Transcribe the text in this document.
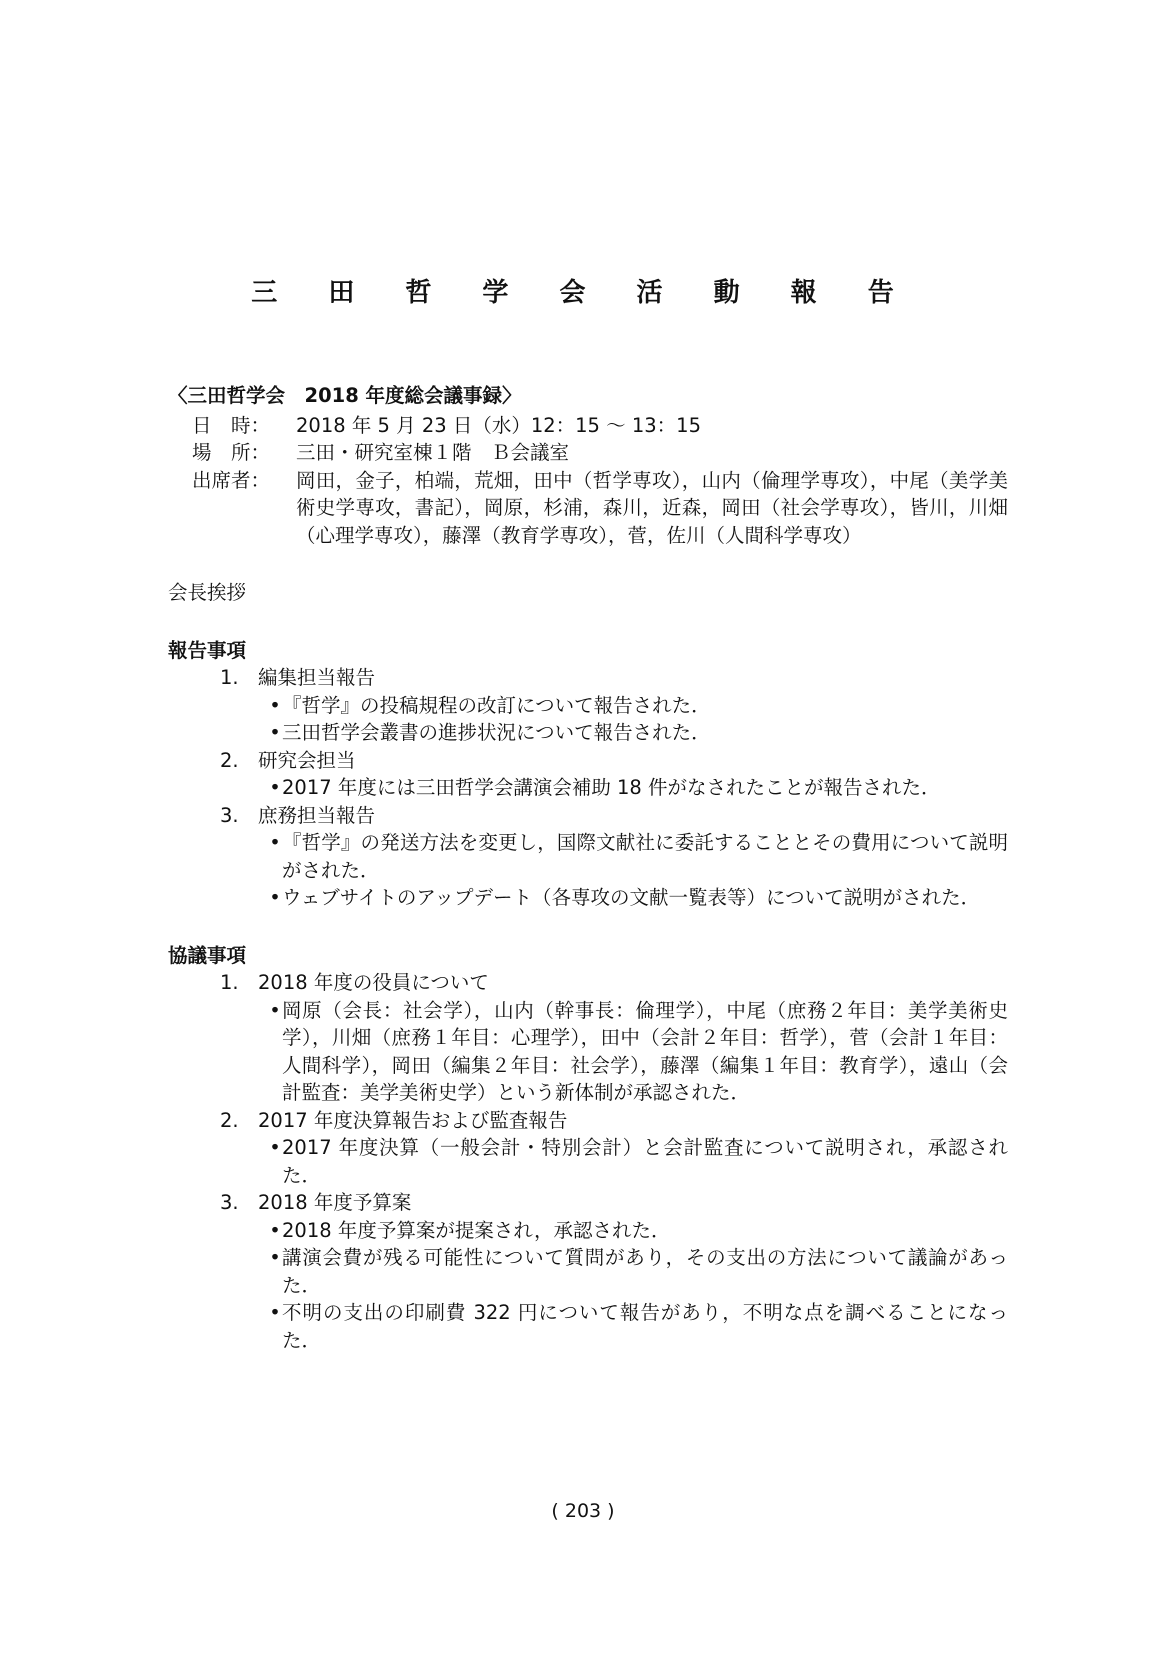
三 田 哲 学 会 活 動 報 告
〈三田哲学会　2018 年度総会議事録〉
日　時：	2018 年 5 月 23 日（水）12：15 ～ 13：15
場　所：	三田・研究室棟１階　Ｂ会議室
出席者：	岡田，金子，柏端，荒畑，田中（哲学専攻），山内（倫理学専攻），中尾（美学美術史学専攻，書記），岡原，杉浦，森川，近森，岡田（社会学専攻），皆川，川畑（心理学専攻），藤澤（教育学専攻），菅，佐川（人間科学専攻）
会長挨拶
報告事項
1. 編集担当報告
• 『哲学』の投稿規程の改訂について報告された．
• 三田哲学会叢書の進捗状況について報告された．
2. 研究会担当
• 2017 年度には三田哲学会講演会補助 18 件がなされたことが報告された．
3. 庶務担当報告
• 『哲学』の発送方法を変更し，国際文献社に委託することとその費用について説明がされた．
• ウェブサイトのアップデート（各専攻の文献一覧表等）について説明がされた．
協議事項
1. 2018 年度の役員について
• 岡原（会長：社会学），山内（幹事長：倫理学），中尾（庶務２年目：美学美術史学），川畑（庶務１年目：心理学），田中（会計２年目：哲学），菅（会計１年目：人間科学），岡田（編集２年目：社会学），藤澤（編集１年目：教育学），遠山（会計監査：美学美術史学）という新体制が承認された．
2. 2017 年度決算報告および監査報告
• 2017 年度決算（一般会計・特別会計）と会計監査について説明され，承認された．
3. 2018 年度予算案
• 2018 年度予算案が提案され，承認された．
• 講演会費が残る可能性について質問があり，その支出の方法について議論があった．
• 不明の支出の印刷費 322 円について報告があり，不明な点を調べることになった．
( 203 )
